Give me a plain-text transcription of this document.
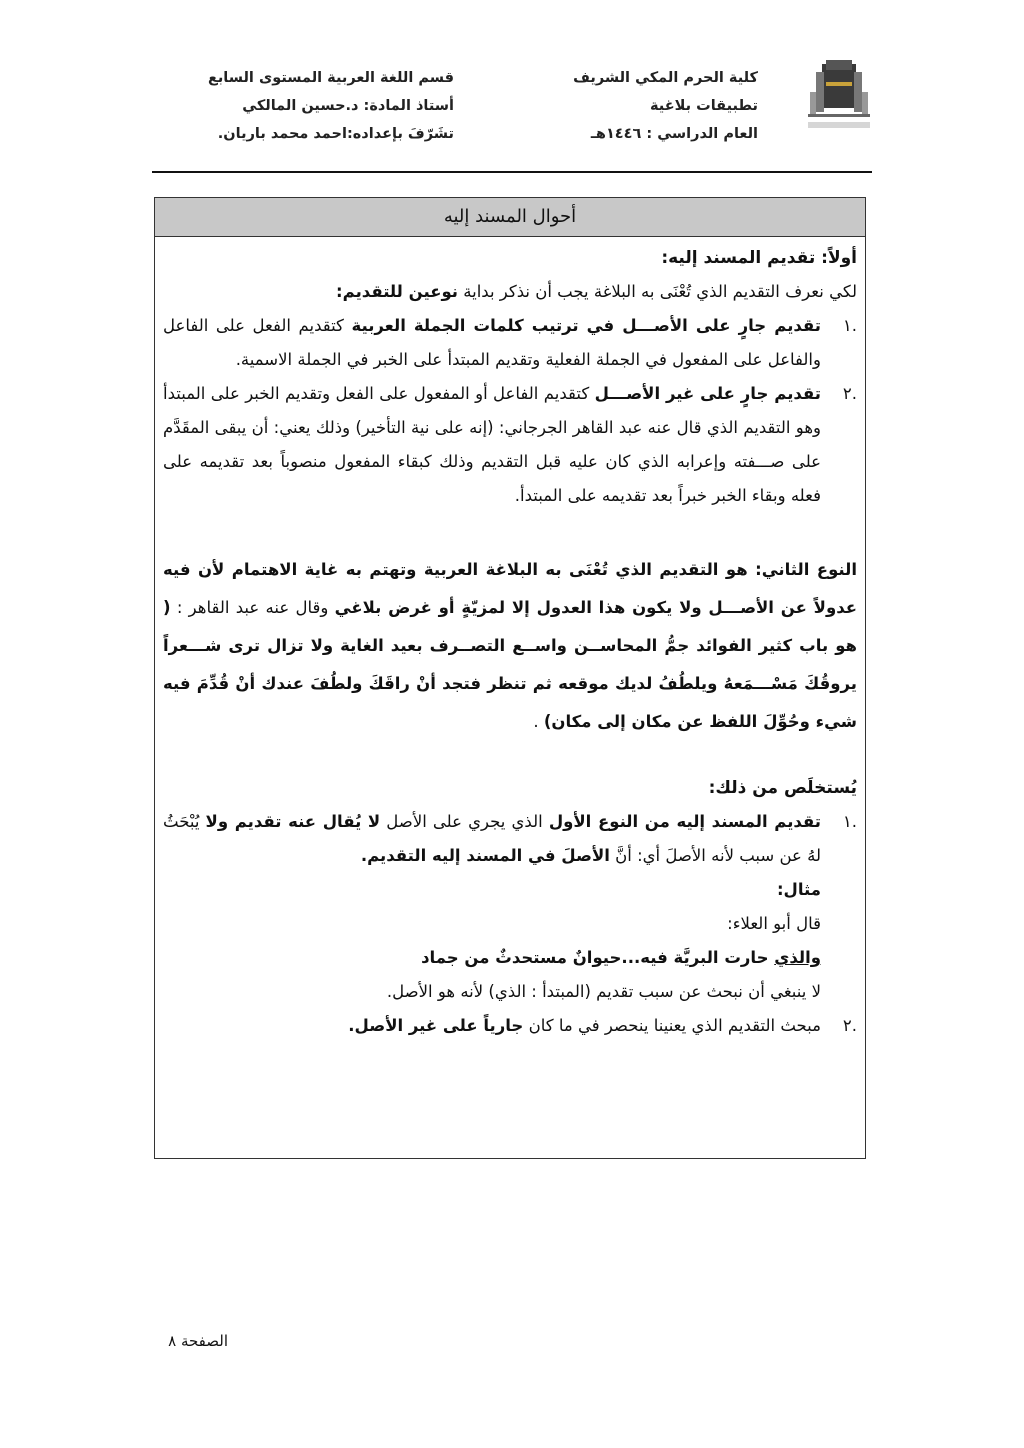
كلية الحرم المكي الشريف
تطبيقات بلاغية
العام الدراسي : ١٤٤٦هـ
قسم اللغة العربية المستوى السابع
أستاذ المادة: د.حسين المالكي
تشَرّفَ بإعداده:احمد محمد باريان.
أحوال المسند إليه

أولاً: تقديم المسند إليه:

لكي نعرف التقديم الذي تُعْنَى به البلاغة يجب أن نذكر بداية نوعين للتقديم:

.١
تقديم جارٍ على الأصـــل في ترتيب كلمات الجملة العربية كتقديم الفعل على الفاعل والفاعل على المفعول في الجملة الفعلية وتقديم المبتدأ على الخبر في الجملة الاسمية.
.٢
تقديم جارٍ على غير الأصـــل كتقديم الفاعل أو المفعول على الفعل وتقديم الخبر على المبتدأ وهو التقديم الذي قال عنه عبد القاهر الجرجاني: (إنه على نية التأخير) وذلك يعني: أن يبقى المقَدَّم على صـــفته وإعرابه الذي كان عليه قبل التقديم وذلك كبقاء المفعول منصوباً بعد تقديمه على فعله وبقاء الخبر خبراً بعد تقديمه على المبتدأ.

النوع الثاني: هو التقديم الذي تُعْنَى به البلاغة العربية وتهتم به غاية الاهتمام لأن فيه عدولاً عن الأصـــل ولا يكون هذا العدول إلا لمزيّةٍ أو غرض بلاغي وقال عنه عبد القاهر : ( هو باب كثير الفوائد جمُّ المحاســن واســع التصــرف بعيد الغاية ولا تزال ترى شـــعراً يروقُكَ مَسْـــمَعهُ ويلطُفُ لديك موقعه ثم تنظر فتجد أنْ راقَكَ ولطُفَ عندك أنْ قُدِّمَ فيه شيء وحُوِّلَ اللفظ عن مكان إلى مكان) .

يُستخلَص من ذلك:

.١
تقديم المسند إليه من النوع الأول الذي يجري على الأصل لا يُقال عنه تقديم ولا يُبْحَثُ لهُ عن سبب لأنه الأصلَ أي: أنَّ الأصلَ في المسند إليه التقديم.

مثال:

قال أبو العلاء:

والذي حارت البريَّة فيه...حيوانٌ مستحدثٌ من جماد

لا ينبغي أن نبحث عن سبب تقديم (المبتدأ : الذي) لأنه هو الأصل.

.٢
مبحث التقديم الذي يعنينا ينحصر في ما كان جارياً على غير الأصل.
الصفحة ٨
